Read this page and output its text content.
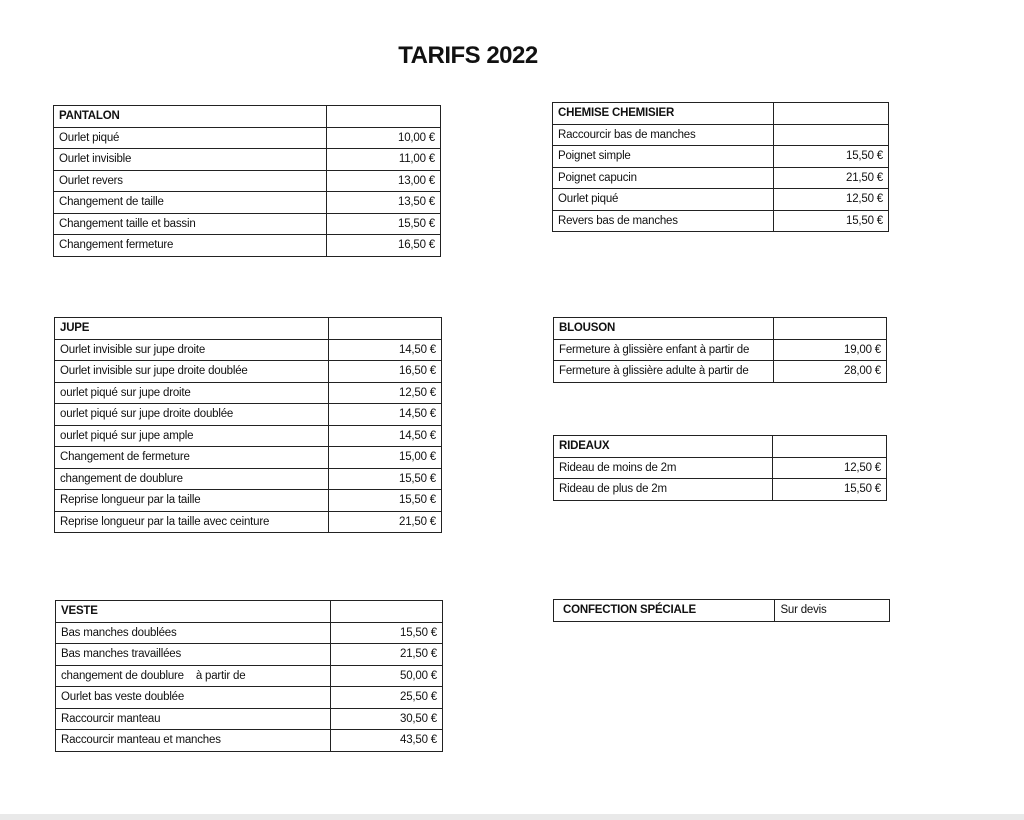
TARIFS 2022
PANTALON	
Ourlet piqué	10,00 €
Ourlet invisible	11,00 €
Ourlet revers	13,00 €
Changement de taille	13,50 €
Changement taille et bassin	15,50 €
Changement fermeture	16,50 €
JUPE	
Ourlet invisible sur jupe droite	14,50 €
Ourlet invisible sur jupe droite doublée	16,50 €
ourlet piqué sur jupe droite	12,50 €
ourlet piqué sur jupe droite doublée	14,50 €
ourlet piqué sur jupe ample	14,50 €
Changement de fermeture	15,00 €
changement de doublure	15,50 €
Reprise longueur par la taille	15,50 €
Reprise longueur par la taille avec ceinture	21,50 €
VESTE	
Bas manches doublées	15,50 €
Bas manches travaillées	21,50 €
changement de doublure    à partir de	50,00 €
Ourlet bas veste doublée	25,50 €
Raccourcir manteau	30,50 €
Raccourcir manteau et manches	43,50 €
CHEMISE CHEMISIER	
Raccourcir bas de manches	
Poignet simple	15,50 €
Poignet capucin	21,50 €
Ourlet piqué	12,50 €
Revers bas de manches	15,50 €
BLOUSON	
Fermeture à glissière enfant à partir de	19,00 €
Fermeture à glissière adulte à partir de	28,00 €
RIDEAUX	
Rideau de moins de 2m	12,50 €
Rideau de plus de 2m	15,50 €
CONFECTION SPÉCIALE	Sur devis
